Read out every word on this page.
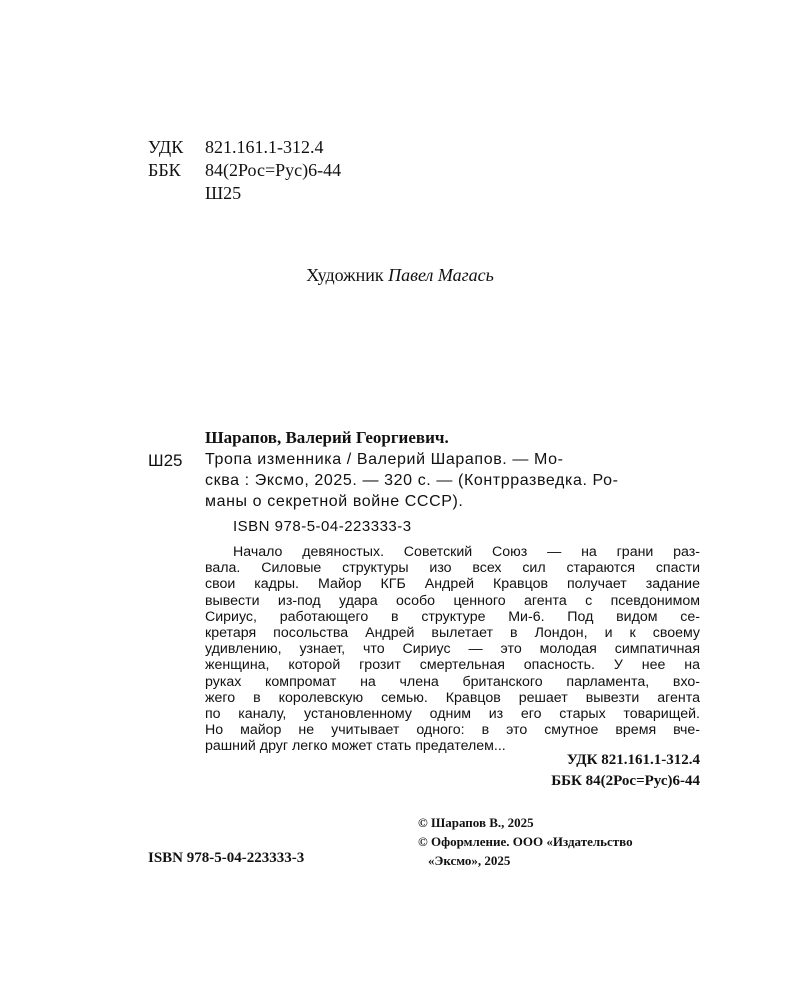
УДК 821.161.1-312.4
ББК 84(2Рос=Рус)6-44
Ш25
Художник Павел Магась
Шарапов, Валерий Георгиевич.
Ш25 Тропа изменника / Валерий Шарапов. — Мо-
сква : Эксмо, 2025. — 320 с. — (Контрразведка. Ро-
маны о секретной войне СССР).
ISBN 978-5-04-223333-3
Начало девяностых. Советский Союз — на грани раз-
вала. Силовые структуры изо всех сил стараются спасти
свои кадры. Майор КГБ Андрей Кравцов получает задание
вывести из-под удара особо ценного агента с псевдонимом
Сириус, работающего в структуре Ми-6. Под видом се-
кретаря посольства Андрей вылетает в Лондон, и к своему
удивлению, узнает, что Сириус — это молодая симпатичная
женщина, которой грозит смертельная опасность. У нее на
руках компромат на члена британского парламента, вхо-
жего в королевскую семью. Кравцов решает вывезти агента
по каналу, установленному одним из его старых товарищей.
Но майор не учитывает одного: в это смутное время вче-
рашний друг легко может стать предателем...
УДК 821.161.1-312.4
ББК 84(2Рос=Рус)6-44
© Шарапов В., 2025
© Оформление. ООО «Издательство
«Эксмо», 2025
ISBN 978-5-04-223333-3
